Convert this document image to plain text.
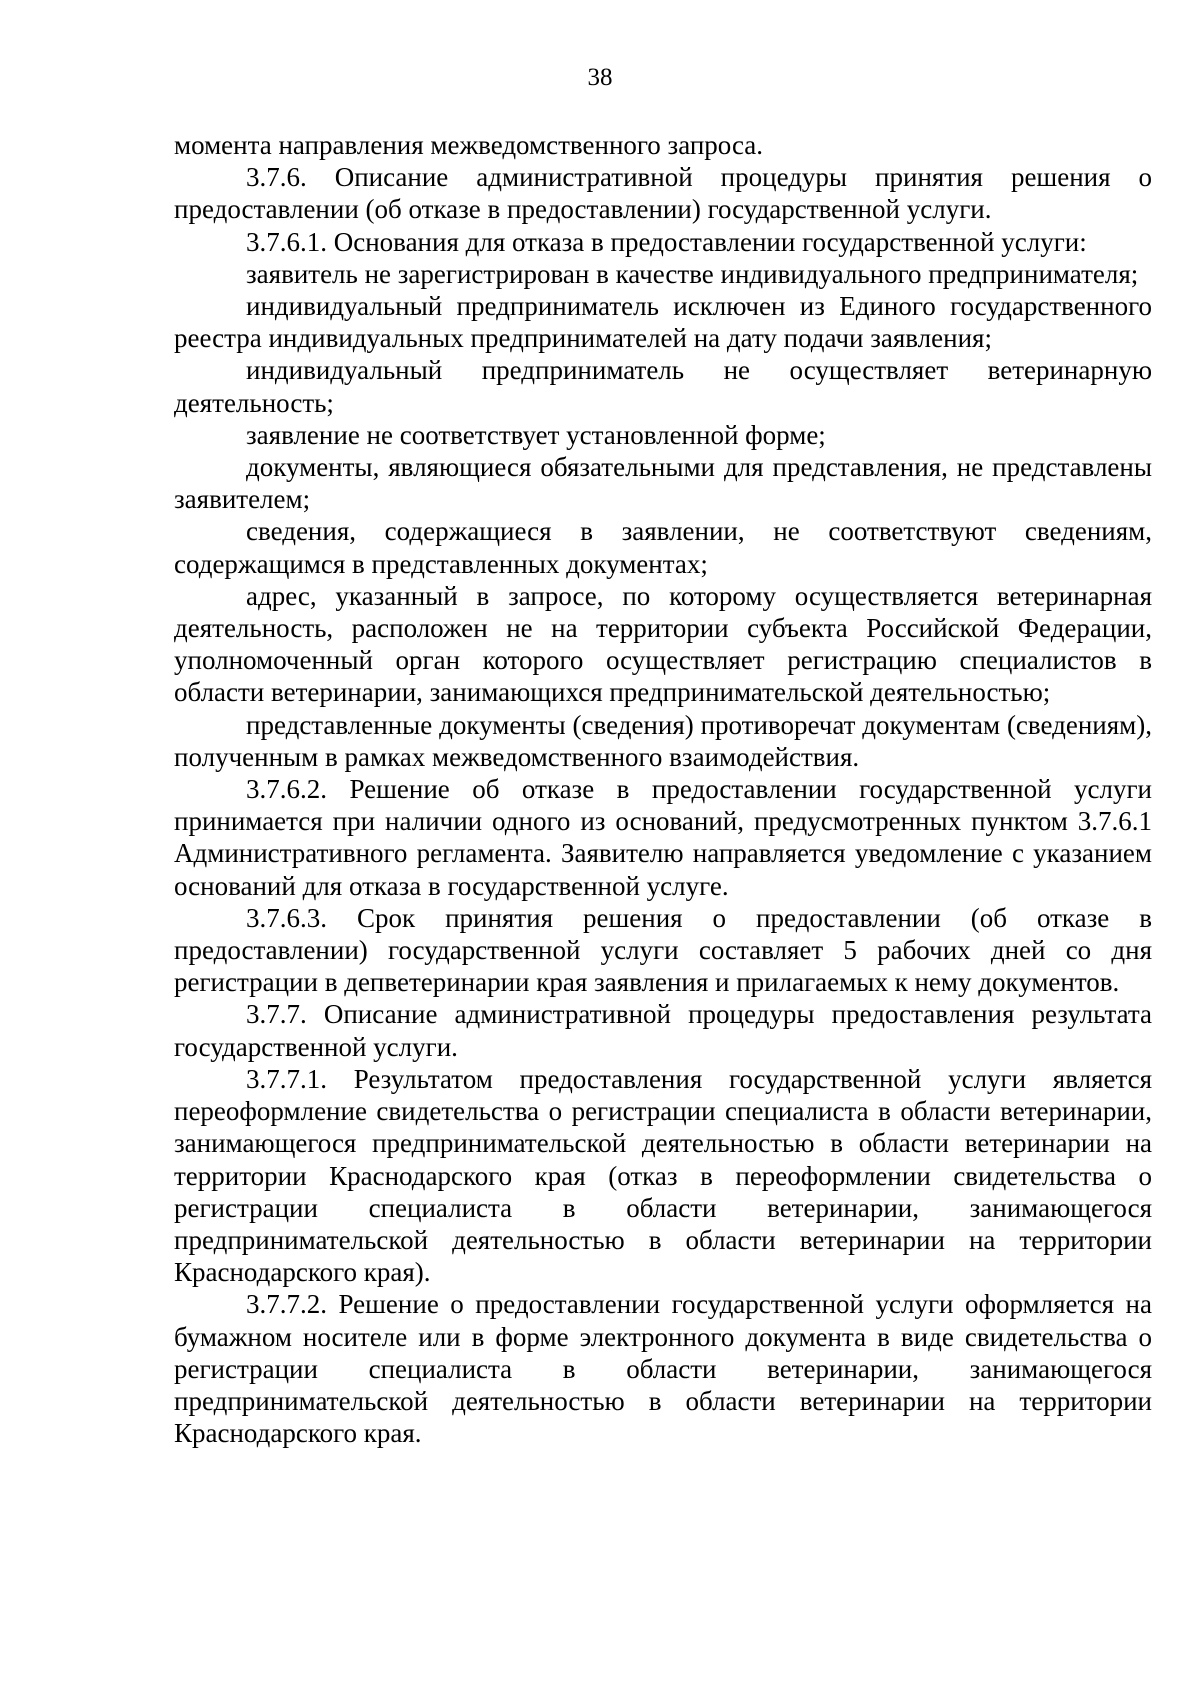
38

момента направления межведомственного запроса.

3.7.6. Описание административной процедуры принятия решения о предоставлении (об отказе в предоставлении) государственной услуги.

3.7.6.1. Основания для отказа в предоставлении государственной услуги:

заявитель не зарегистрирован в качестве индивидуального предпринимателя;

индивидуальный предприниматель исключен из Единого государственного реестра индивидуальных предпринимателей на дату подачи заявления;

индивидуальный предприниматель не осуществляет ветеринарную деятельность;

заявление не соответствует установленной форме;

документы, являющиеся обязательными для представления, не представлены заявителем;

сведения, содержащиеся в заявлении, не соответствуют сведениям, содержащимся в представленных документах;

адрес, указанный в запросе, по которому осуществляется ветеринарная деятельность, расположен не на территории субъекта Российской Федерации, уполномоченный орган которого осуществляет регистрацию специалистов в области ветеринарии, занимающихся предпринимательской деятельностью;

представленные документы (сведения) противоречат документам (сведениям), полученным в рамках межведомственного взаимодействия.

3.7.6.2. Решение об отказе в предоставлении государственной услуги принимается при наличии одного из оснований, предусмотренных пунктом 3.7.6.1 Административного регламента. Заявителю направляется уведомление с указанием оснований для отказа в государственной услуге.

3.7.6.3. Срок принятия решения о предоставлении (об отказе в предоставлении) государственной услуги составляет 5 рабочих дней со дня регистрации в депветеринарии края заявления и прилагаемых к нему документов.

3.7.7. Описание административной процедуры предоставления результата государственной услуги.

3.7.7.1. Результатом предоставления государственной услуги является переоформление свидетельства о регистрации специалиста в области ветеринарии, занимающегося предпринимательской деятельностью в области ветеринарии на территории Краснодарского края (отказ в переоформлении свидетельства о регистрации специалиста в области ветеринарии, занимающегося предпринимательской деятельностью в области ветеринарии на территории Краснодарского края).

3.7.7.2. Решение о предоставлении государственной услуги оформляется на бумажном носителе или в форме электронного документа в виде свидетельства о регистрации специалиста в области ветеринарии, занимающегося предпринимательской деятельностью в области ветеринарии на территории Краснодарского края.
